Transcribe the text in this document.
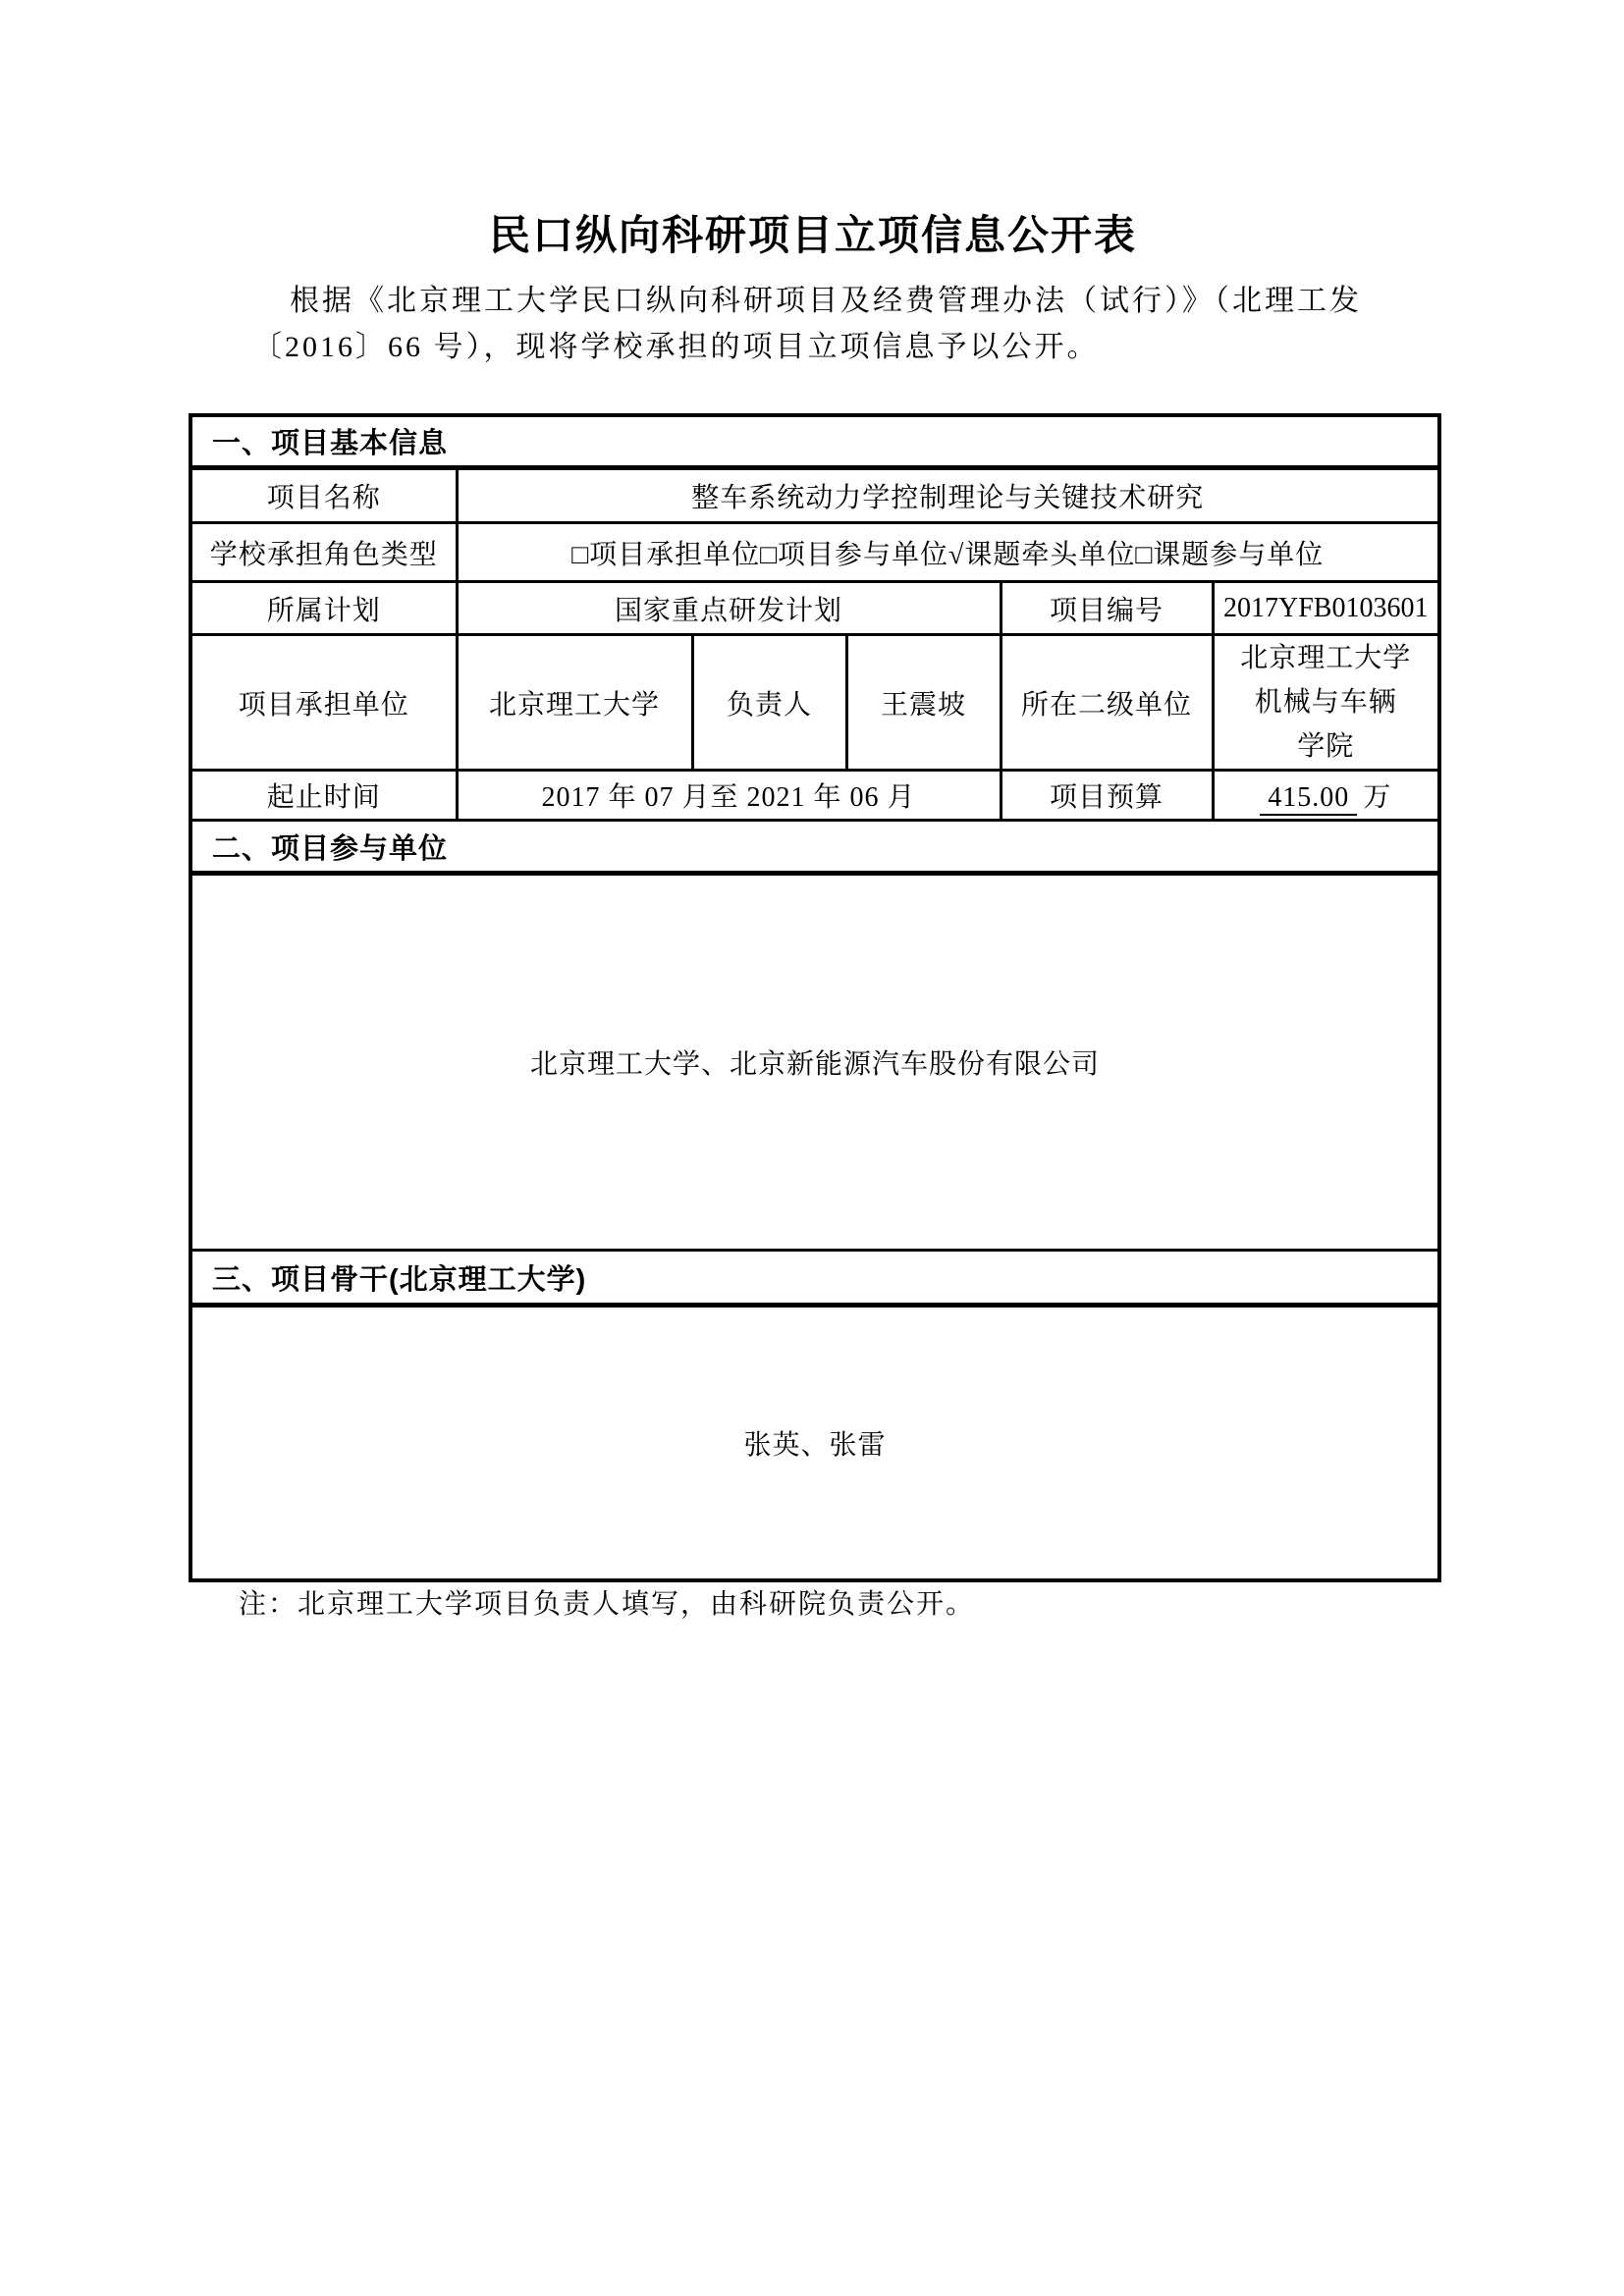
民口纵向科研项目立项信息公开表
根据《北京理工大学民口纵向科研项目及经费管理办法（试行）》（北理工发
〔2016〕66 号），现将学校承担的项目立项信息予以公开。
一、项目基本信息					
项目名称	整车系统动力学控制理论与关键技术研究				
学校承担角色类型	□项目承担单位□项目参与单位√课题牵头单位□课题参与单位				
所属计划	国家重点研发计划			项目编号	2017YFB0103601
项目承担单位	北京理工大学	负责人	王震坡	所在二级单位	北京理工大学
机械与车辆
学院

起止时间	2017 年 07 月至 2021 年 06 月			项目预算	415.00 万
二、项目参与单位					
北京理工大学、北京新能源汽车股份有限公司					
三、项目骨干(北京理工大学)					
张英、张雷					
注：北京理工大学项目负责人填写，由科研院负责公开。
